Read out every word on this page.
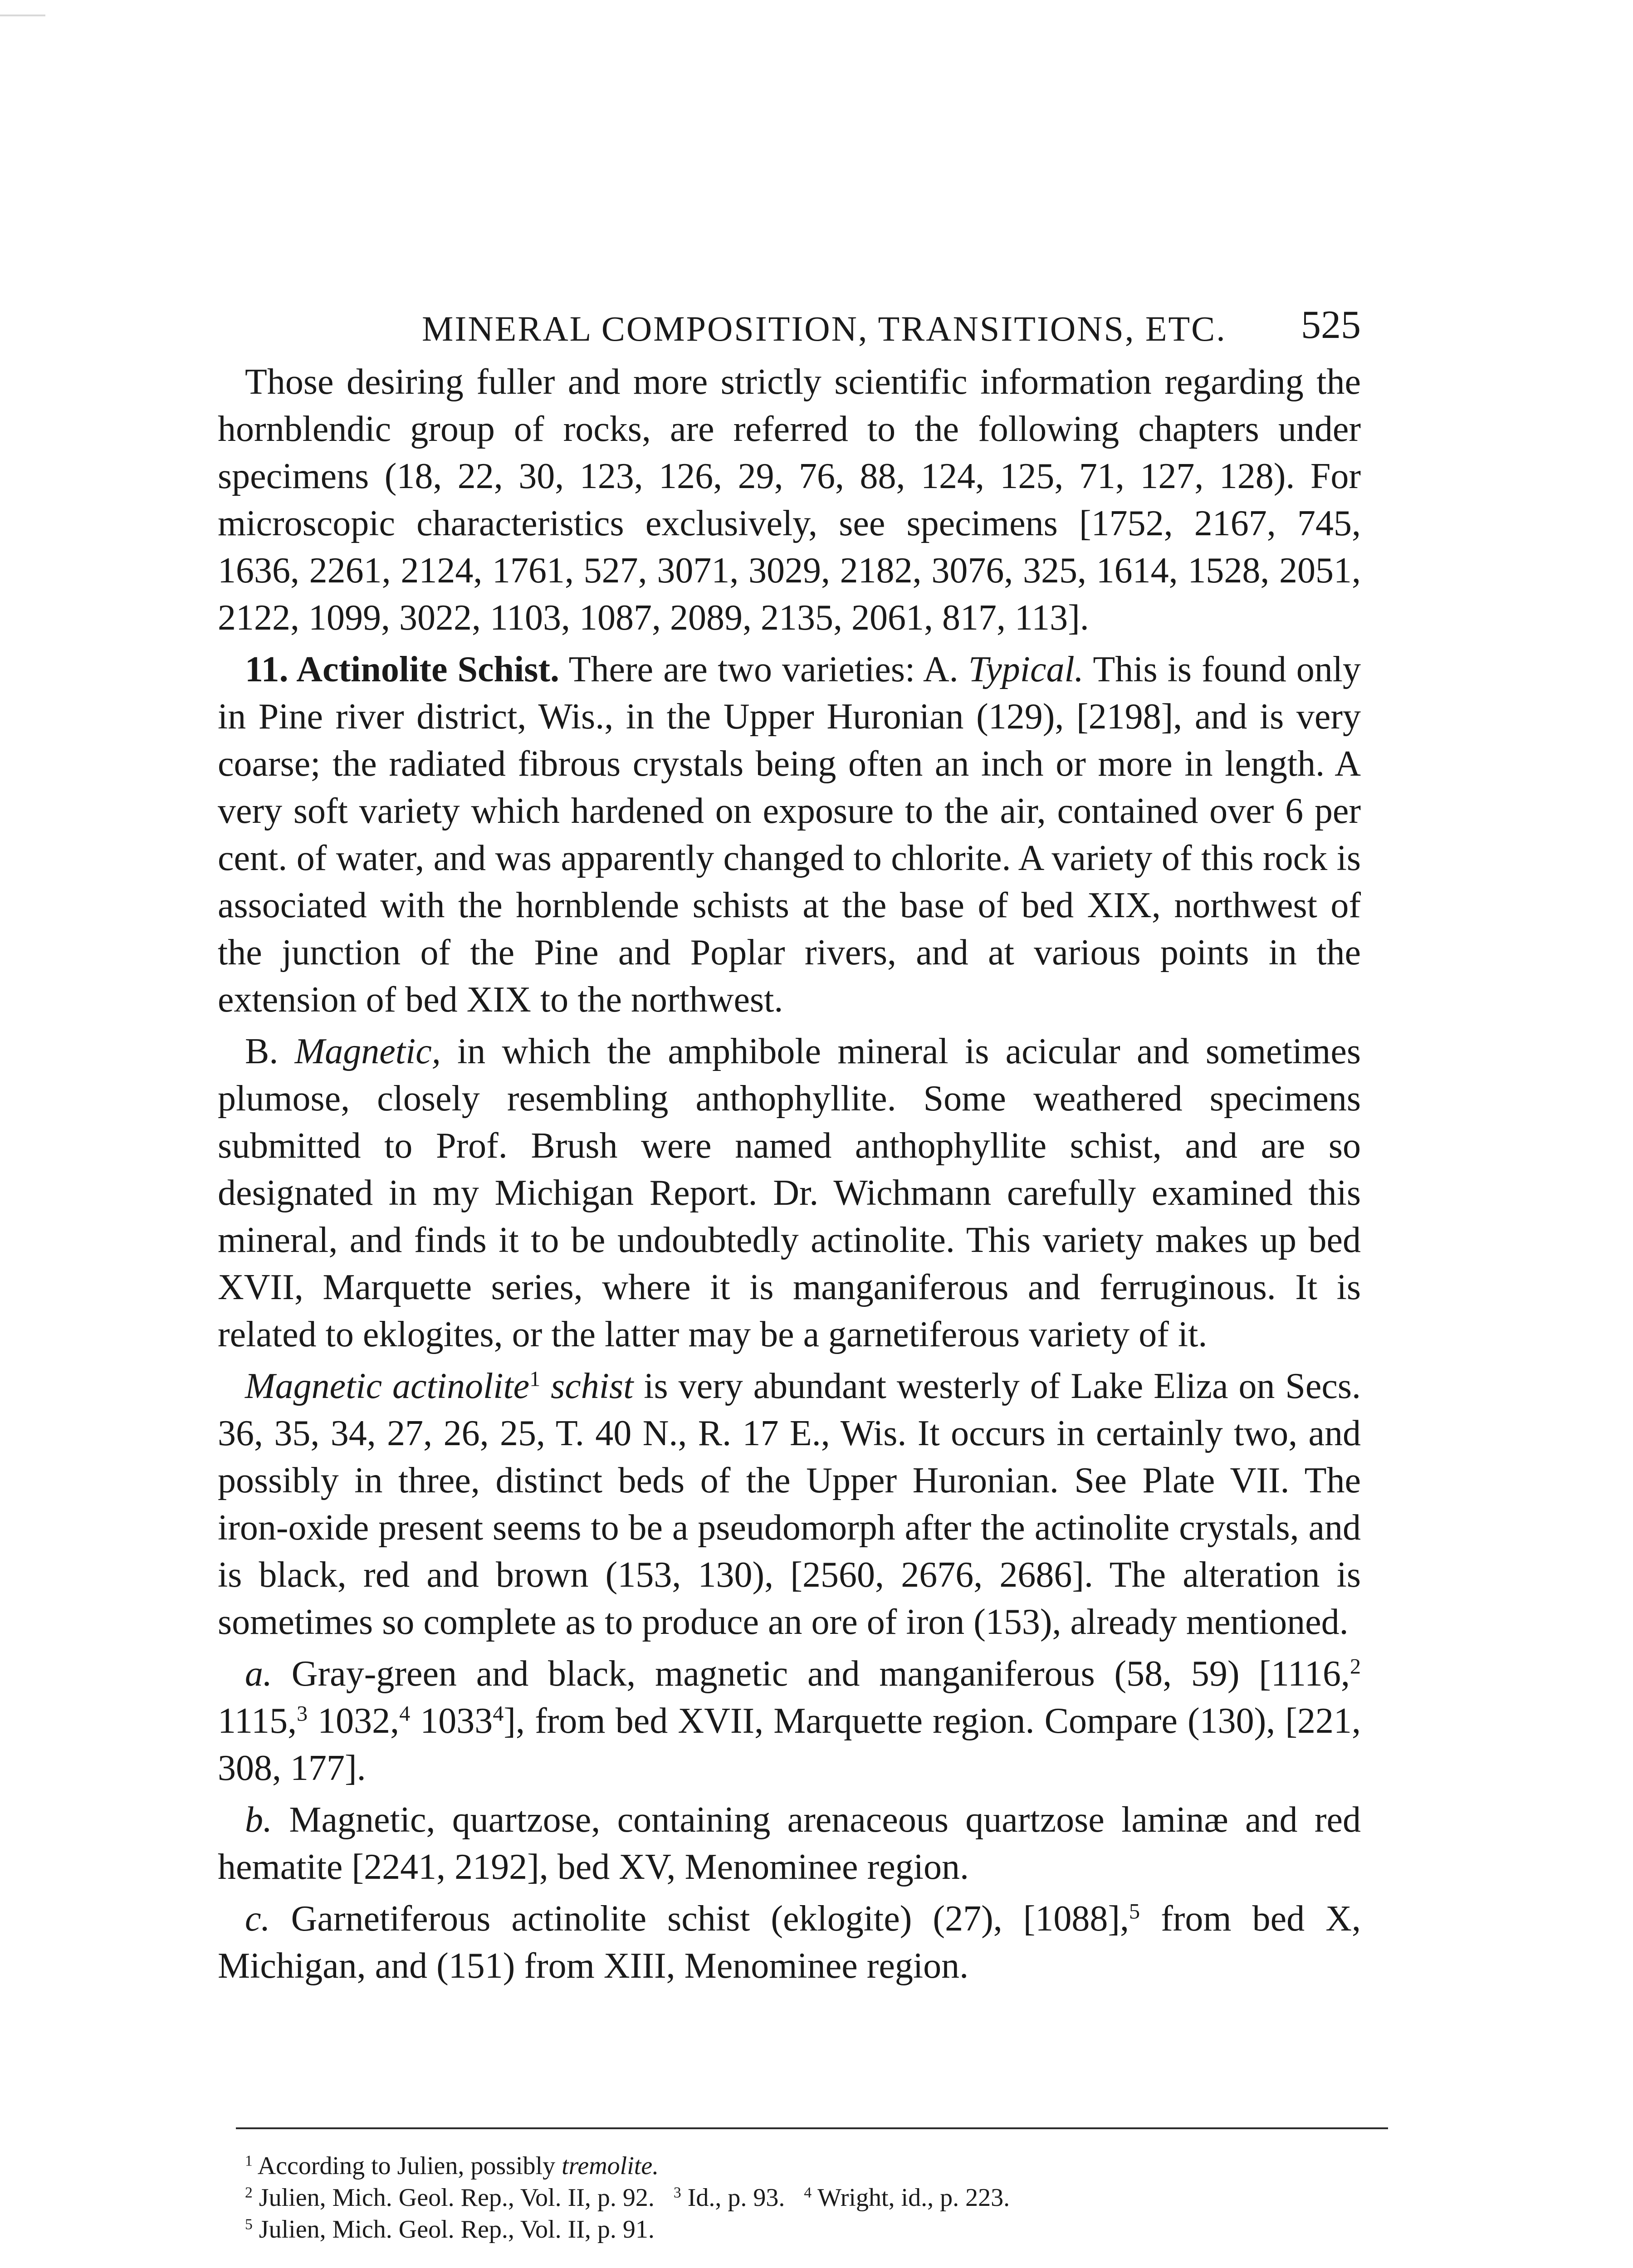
MINERAL COMPOSITION, TRANSITIONS, ETC. 525

Those desiring fuller and more strictly scientific information regarding the hornblendic group of rocks, are referred to the following chapters under specimens (18, 22, 30, 123, 126, 29, 76, 88, 124, 125, 71, 127, 128). For microscopic characteristics exclusively, see specimens [1752, 2167, 745, 1636, 2261, 2124, 1761, 527, 3071, 3029, 2182, 3076, 325, 1614, 1528, 2051, 2122, 1099, 3022, 1103, 1087, 2089, 2135, 2061, 817, 113].

11. Actinolite Schist. There are two varieties: A. Typical. This is found only in Pine river district, Wis., in the Upper Huronian (129), [2198], and is very coarse; the radiated fibrous crystals being often an inch or more in length. A very soft variety which hardened on exposure to the air, contained over 6 per cent. of water, and was apparently changed to chlorite. A variety of this rock is associated with the hornblende schists at the base of bed XIX, northwest of the junction of the Pine and Poplar rivers, and at various points in the extension of bed XIX to the northwest.

B. Magnetic, in which the amphibole mineral is acicular and sometimes plumose, closely resembling anthophyllite. Some weathered specimens submitted to Prof. Brush were named anthophyllite schist, and are so designated in my Michigan Report. Dr. Wichmann carefully examined this mineral, and finds it to be undoubtedly actinolite. This variety makes up bed XVII, Marquette series, where it is manganiferous and ferruginous. It is related to eklogites, or the latter may be a garnetiferous variety of it.

Magnetic actinolite$^1$ schist is very abundant westerly of Lake Eliza on Secs. 36, 35, 34, 27, 26, 25, T. 40 N., R. 17 E., Wis. It occurs in certainly two, and possibly in three, distinct beds of the Upper Huronian. See Plate VII. The iron-oxide present seems to be a pseudomorph after the actinolite crystals, and is black, red and brown (153, 130), [2560, 2676, 2686]. The alteration is sometimes so complete as to produce an ore of iron (153), already mentioned.

a. Gray-green and black, magnetic and manganiferous (58, 59) [1116,$^2$ 1115,$^3$ 1032,$^4$ 1033$^4$], from bed XVII, Marquette region. Compare (130), [221, 308, 177].

b. Magnetic, quartzose, containing arenaceous quartzose laminæ and red hematite [2241, 2192], bed XV, Menominee region.

c. Garnetiferous actinolite schist (eklogite) (27), [1088],$^5$ from bed X, Michigan, and (151) from XIII, Menominee region.

$^1$ According to Julien, possibly tremolite.
$^2$ Julien, Mich. Geol. Rep., Vol. II, p. 92. $^3$ Id., p. 93. $^4$ Wright, id., p. 223.
$^5$ Julien, Mich. Geol. Rep., Vol. II, p. 91.
